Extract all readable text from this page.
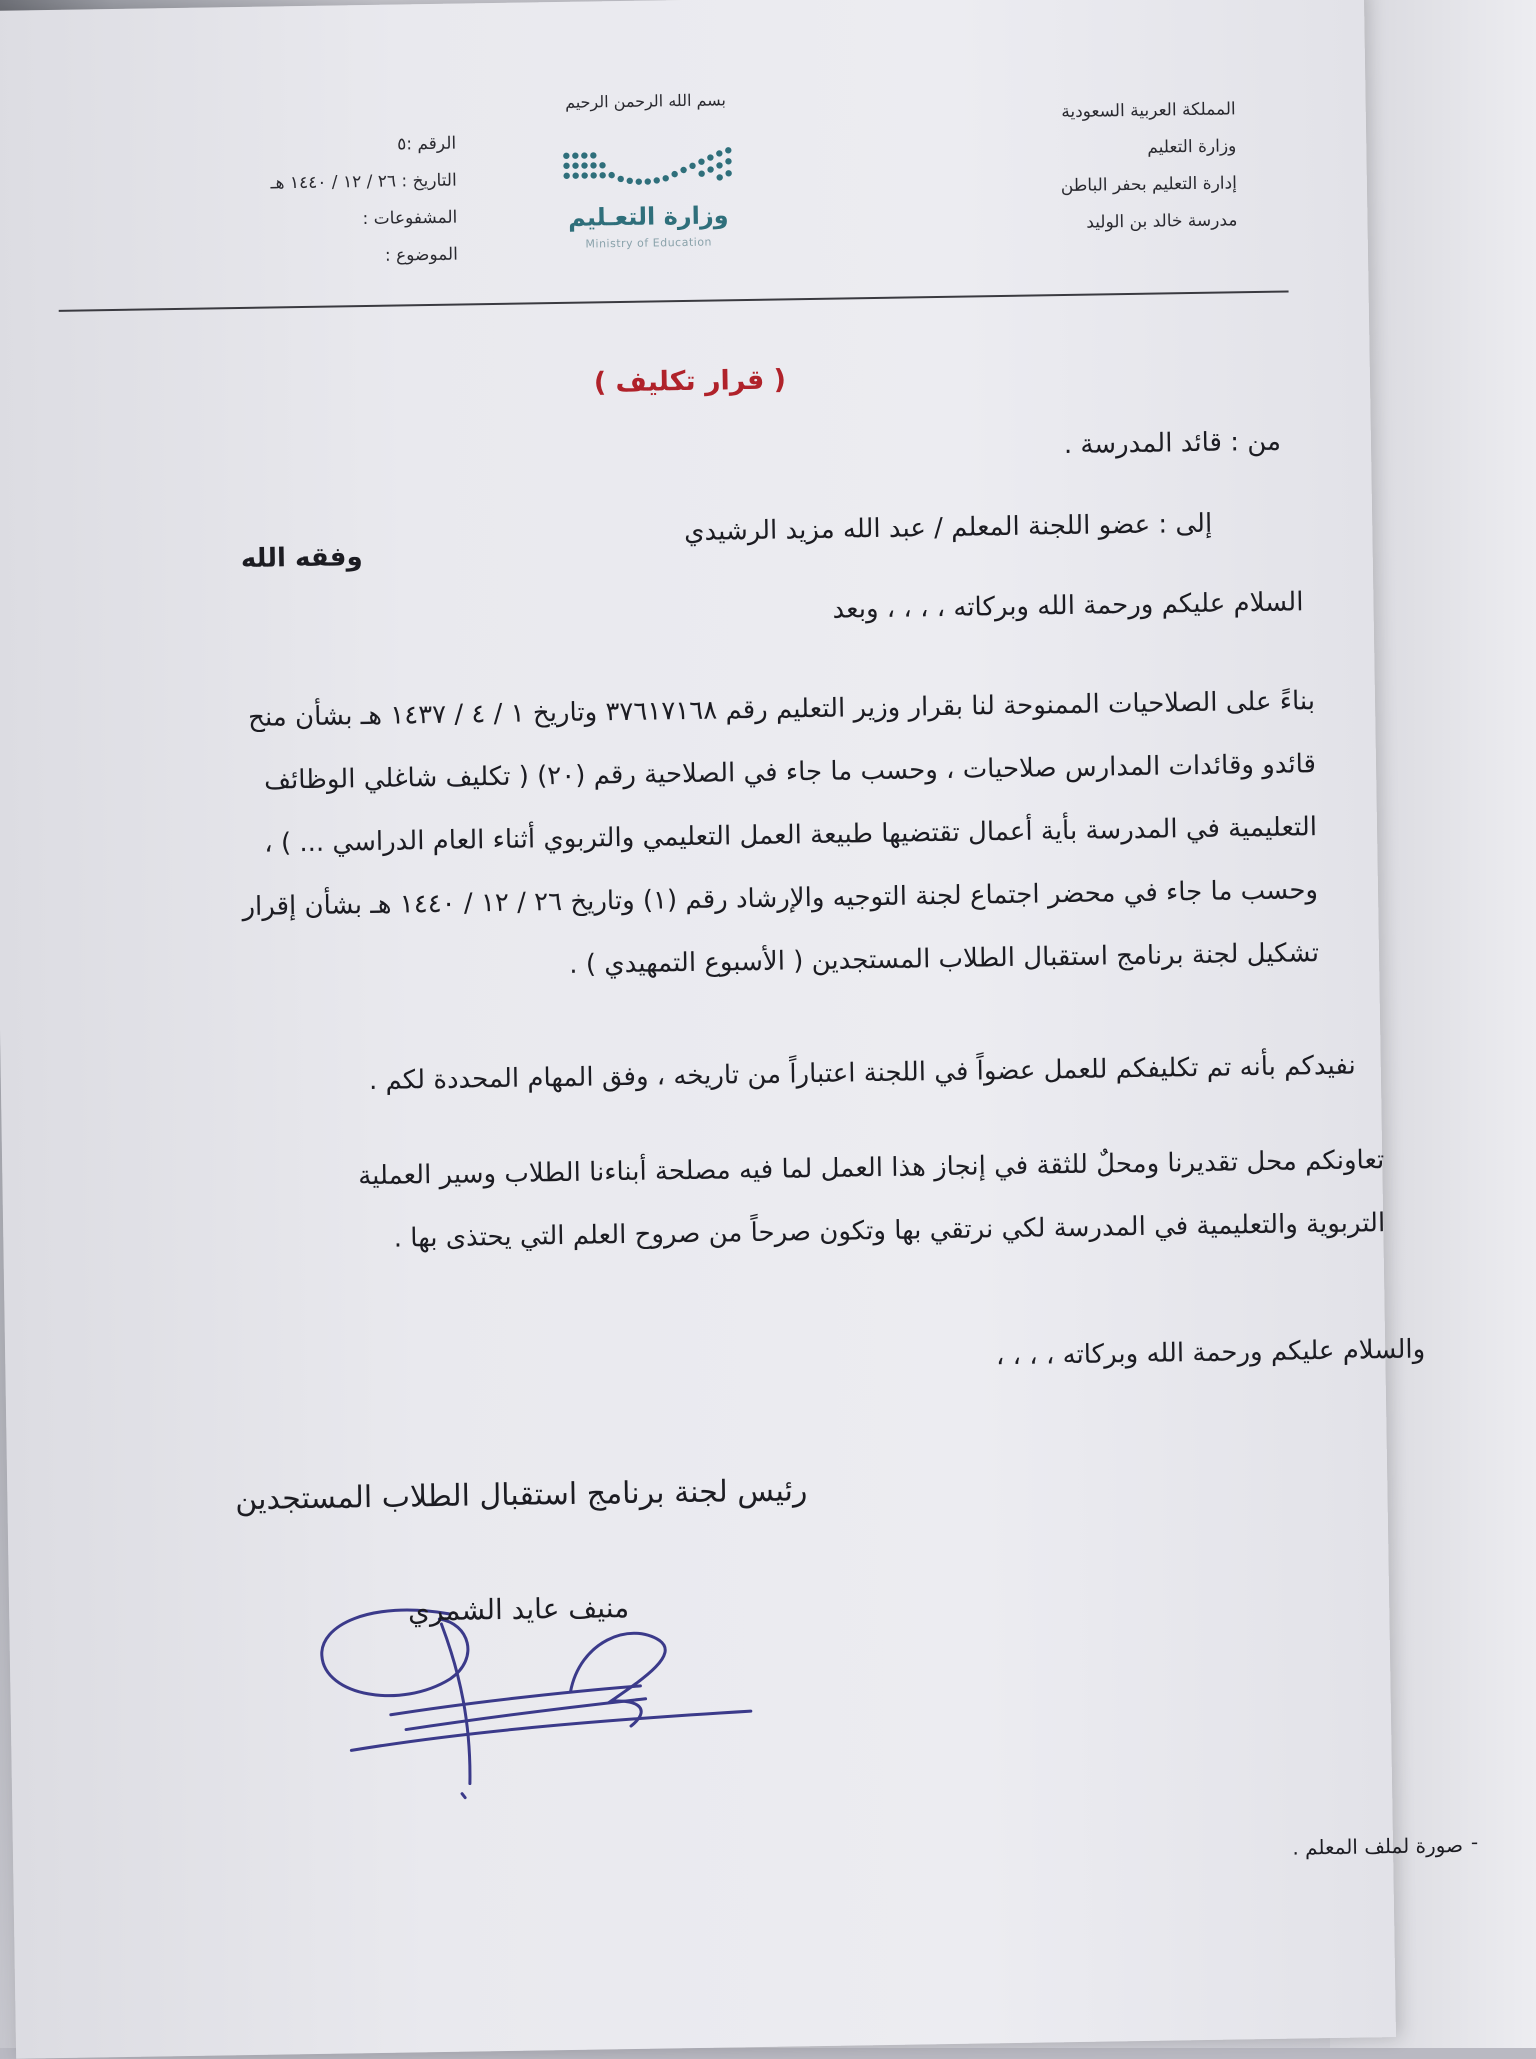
بسم الله الرحمن الرحيم	المملكة العربية السعودية
وزارة التعليم
إدارة التعليم بحفر الباطن
مدرسة خالد بن الوليد
الرقم :٥
التاريخ : ٢٦ / ١٢ / ١٤٤٠ هـ
المشفوعات :
الموضوع :
وزارة التعـليم
Ministry of Education
( قرار تكليف )
من : قائد المدرسة .
إلى : عضو اللجنة المعلم / عبد الله مزيد الرشيدي
وفقه الله
السلام عليكم ورحمة الله وبركاته ، ، ، ، وبعد
بناءً على الصلاحيات الممنوحة لنا بقرار وزير التعليم رقم ٣٧٦١٧١٦٨ وتاريخ ١ / ٤ / ١٤٣٧ هـ بشأن منح
قائدو وقائدات المدارس صلاحيات ، وحسب ما جاء في الصلاحية رقم (٢٠) ( تكليف شاغلي الوظائف
التعليمية في المدرسة بأية أعمال تقتضيها طبيعة العمل التعليمي والتربوي أثناء العام الدراسي ... ) ،
وحسب ما جاء في محضر اجتماع لجنة التوجيه والإرشاد رقم (١) وتاريخ ٢٦ / ١٢ / ١٤٤٠ هـ بشأن إقرار
تشكيل لجنة برنامج استقبال الطلاب المستجدين ( الأسبوع التمهيدي ) .
نفيدكم بأنه تم تكليفكم للعمل عضواً في اللجنة اعتباراً من تاريخه ، وفق المهام المحددة لكم .
تعاونكم محل تقديرنا ومحلٌ للثقة في إنجاز هذا العمل لما فيه مصلحة أبناءنا الطلاب وسير العملية
التربوية والتعليمية في المدرسة لكي نرتقي بها وتكون صرحاً من صروح العلم التي يحتذى بها .
والسلام عليكم ورحمة الله وبركاته ، ، ، ،
رئيس لجنة برنامج استقبال الطلاب المستجدين
منيف عايد الشمري
-
صورة لملف المعلم .
